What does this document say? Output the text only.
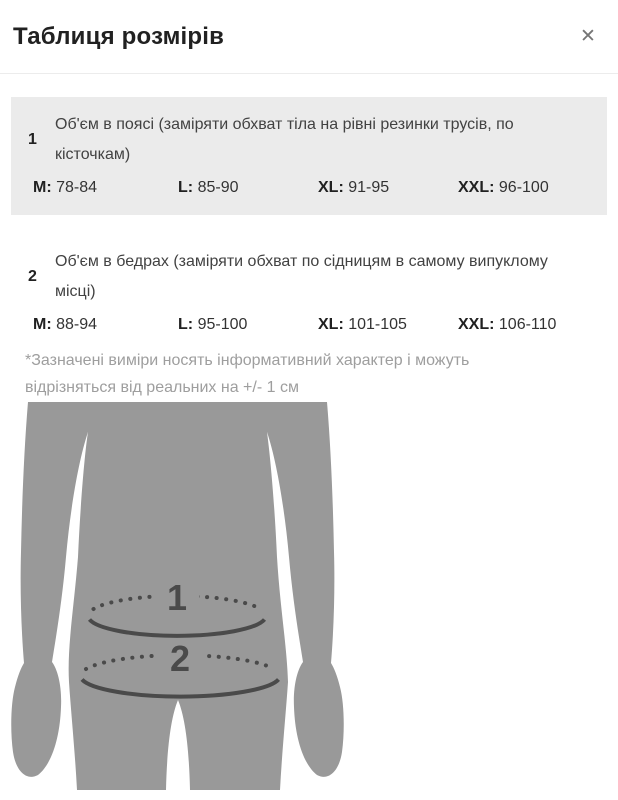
Таблиця розмірів	✕
1

Об'єм в поясі (заміряти обхват тіла на рівні резинки трусів, по кісточкам)

M: 78-84	L: 85-90	XL: 91-95	XXL: 96-100
2

Об'єм в бедрах (заміряти обхват по сідницям в самому випуклому місці)

M: 88-94	L: 95-100	XL: 101-105	XXL: 106-110

*Зазначені виміри носять інформативний характер і можуть відрізняться від реальних на +/- 1 см

1
2
